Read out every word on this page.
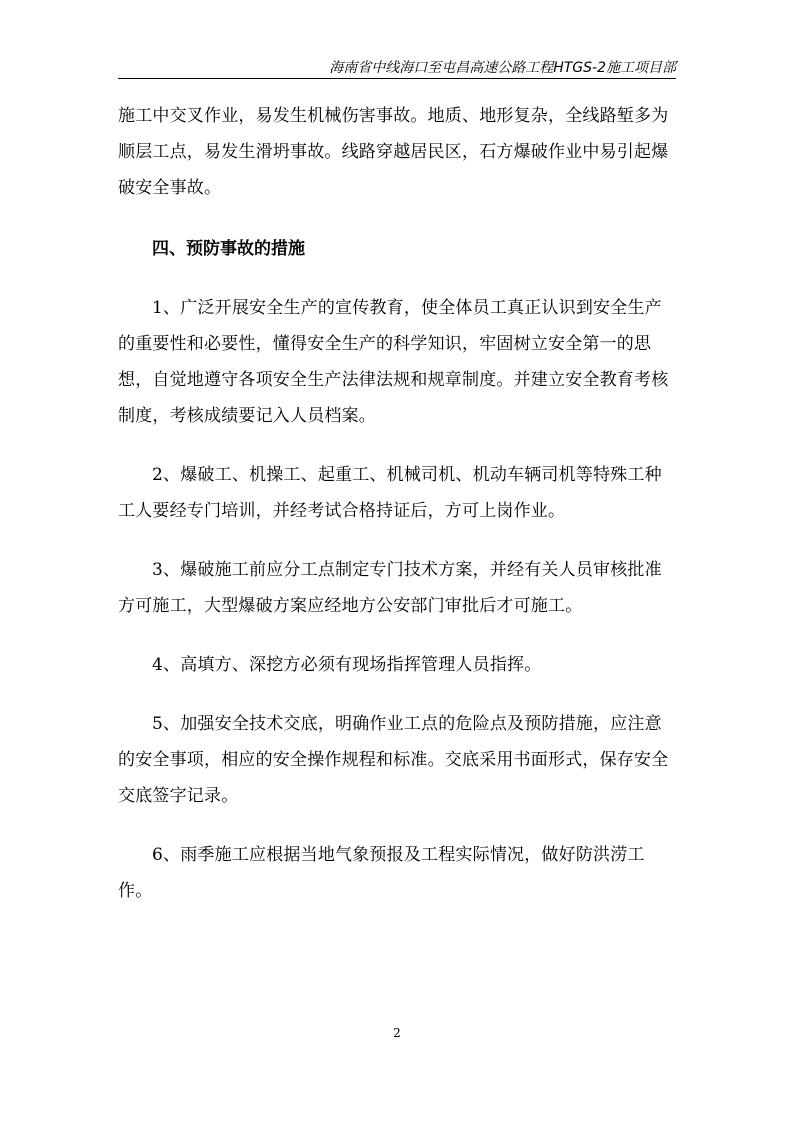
海南省中线海口至屯昌高速公路工程HTGS-2施工项目部

施工中交叉作业，易发生机械伤害事故。地质、地形复杂，全线路堑多为顺层工点，易发生滑坍事故。线路穿越居民区，石方爆破作业中易引起爆破安全事故。

四、预防事故的措施

1、广泛开展安全生产的宣传教育，使全体员工真正认识到安全生产的重要性和必要性，懂得安全生产的科学知识，牢固树立安全第一的思想，自觉地遵守各项安全生产法律法规和规章制度。并建立安全教育考核制度，考核成绩要记入人员档案。

2、爆破工、机操工、起重工、机械司机、机动车辆司机等特殊工种工人要经专门培训，并经考试合格持证后，方可上岗作业。

3、爆破施工前应分工点制定专门技术方案，并经有关人员审核批准方可施工，大型爆破方案应经地方公安部门审批后才可施工。

4、高填方、深挖方必须有现场指挥管理人员指挥。

5、加强安全技术交底，明确作业工点的危险点及预防措施，应注意的安全事项，相应的安全操作规程和标准。交底采用书面形式，保存安全交底签字记录。

6、雨季施工应根据当地气象预报及工程实际情况，做好防洪涝工作。

2
